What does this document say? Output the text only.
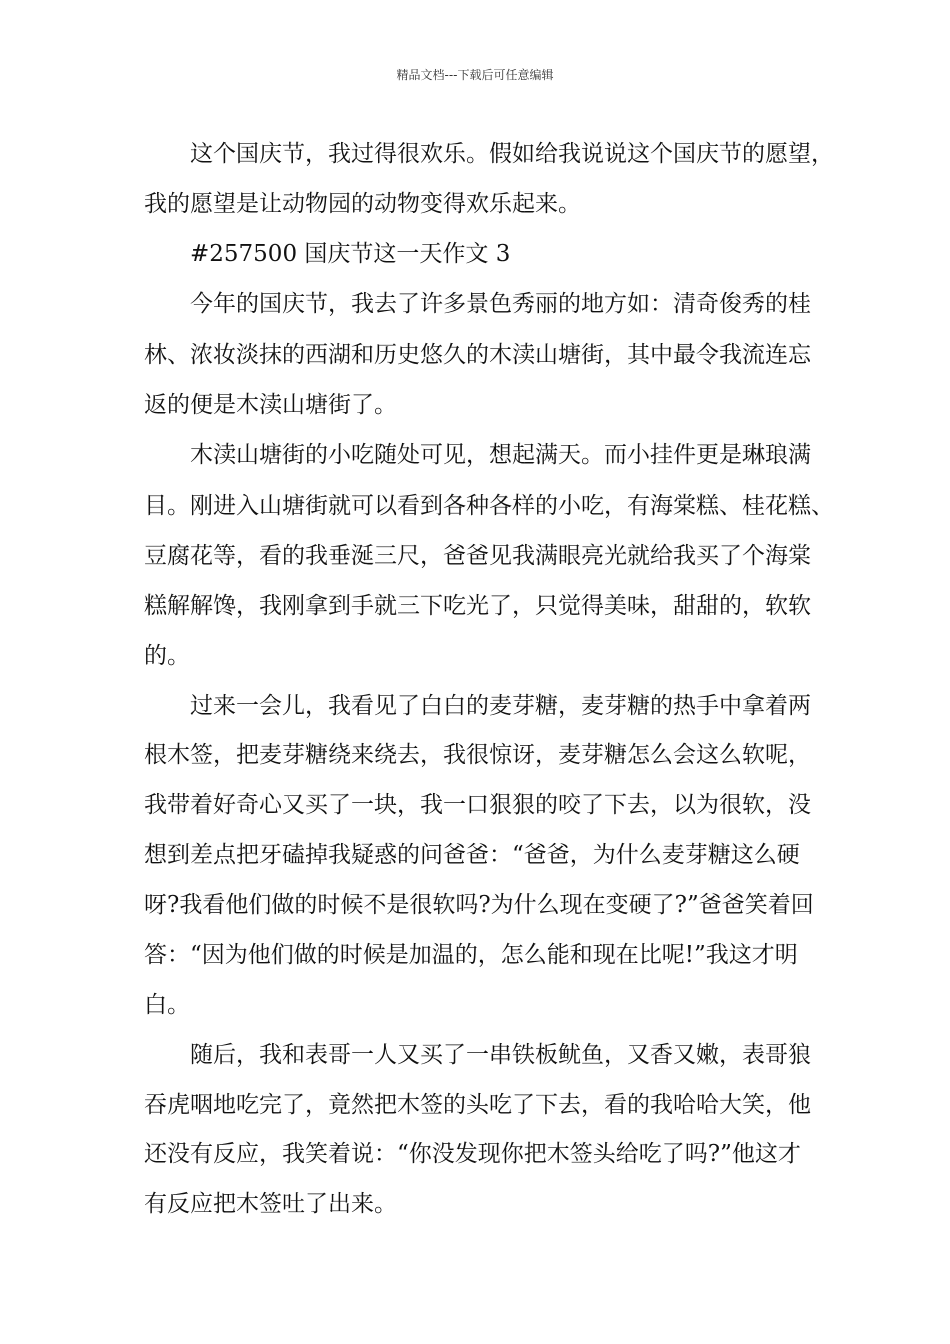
精品文档---下载后可任意编辑
这个国庆节，我过得很欢乐。假如给我说说这个国庆节的愿望，
我的愿望是让动物园的动物变得欢乐起来。
#257500 国庆节这一天作文 3
今年的国庆节，我去了许多景色秀丽的地方如：清奇俊秀的桂
林、浓妆淡抹的西湖和历史悠久的木渎山塘街，其中最令我流连忘
返的便是木渎山塘街了。
木渎山塘街的小吃随处可见，想起满天。而小挂件更是琳琅满
目。刚进入山塘街就可以看到各种各样的小吃，有海棠糕、桂花糕、
豆腐花等，看的我垂涎三尺，爸爸见我满眼亮光就给我买了个海棠
糕解解馋，我刚拿到手就三下吃光了，只觉得美味，甜甜的，软软
的。
过来一会儿，我看见了白白的麦芽糖，麦芽糖的热手中拿着两
根木签，把麦芽糖绕来绕去，我很惊讶，麦芽糖怎么会这么软呢，
我带着好奇心又买了一块，我一口狠狠的咬了下去，以为很软，没
想到差点把牙磕掉我疑惑的问爸爸：“爸爸，为什么麦芽糖这么硬
呀?我看他们做的时候不是很软吗?为什么现在变硬了?”爸爸笑着回
答：“因为他们做的时候是加温的，怎么能和现在比呢!”我这才明
白。
随后，我和表哥一人又买了一串铁板鱿鱼，又香又嫩，表哥狼
吞虎咽地吃完了，竟然把木签的头吃了下去，看的我哈哈大笑，他
还没有反应，我笑着说：“你没发现你把木签头给吃了吗?”他这才
有反应把木签吐了出来。
